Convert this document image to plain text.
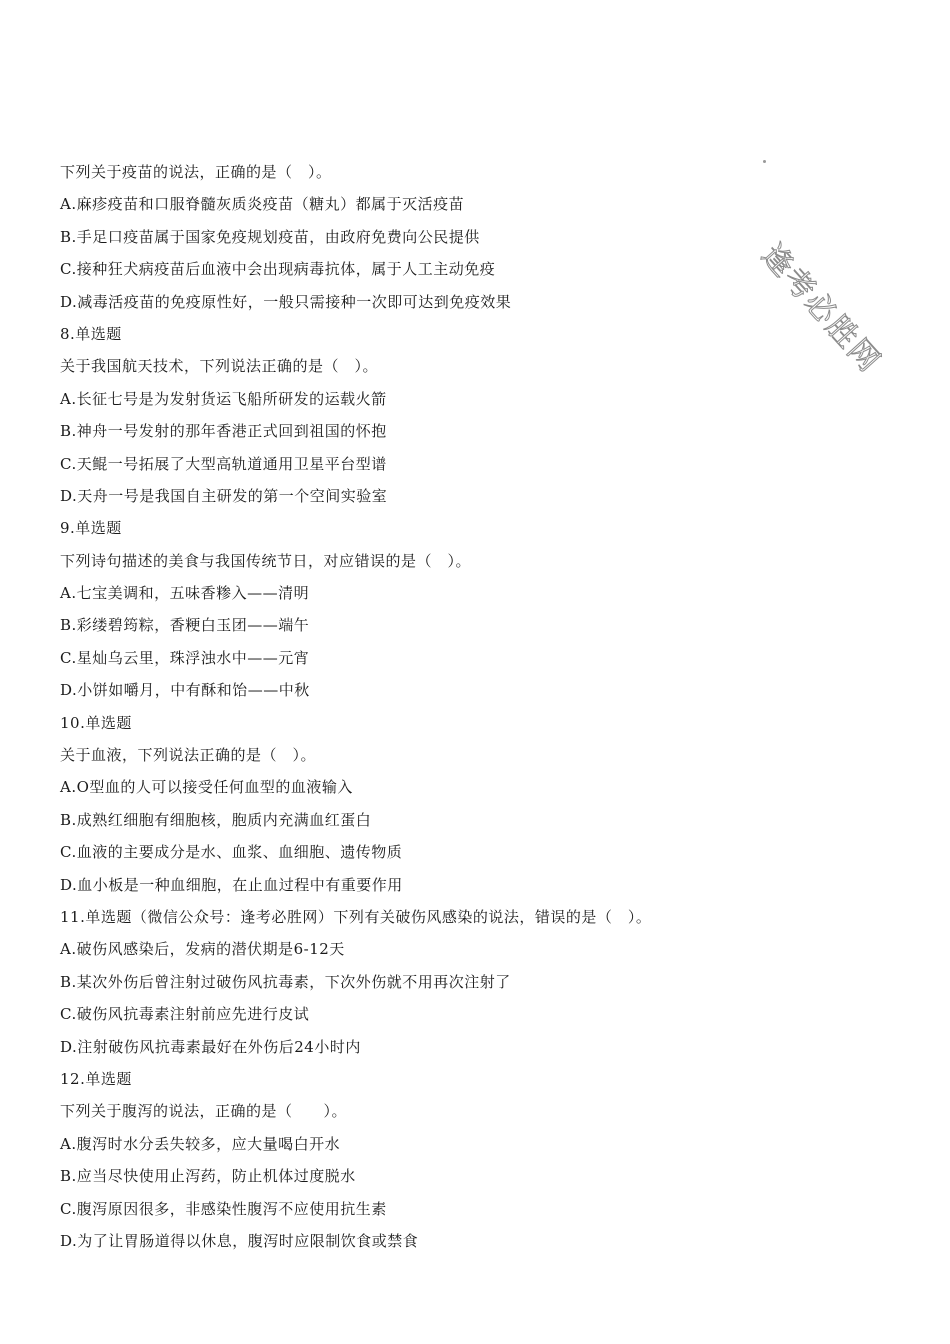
逢考必胜网
下列关于疫苗的说法，正确的是（　）。
A.麻疹疫苗和口服脊髓灰质炎疫苗（糖丸）都属于灭活疫苗
B.手足口疫苗属于国家免疫规划疫苗，由政府免费向公民提供
C.接种狂犬病疫苗后血液中会出现病毒抗体，属于人工主动免疫
D.减毒活疫苗的免疫原性好，一般只需接种一次即可达到免疫效果
8.单选题
关于我国航天技术，下列说法正确的是（　）。
A.长征七号是为发射货运飞船所研发的运载火箭
B.神舟一号发射的那年香港正式回到祖国的怀抱
C.天鲲一号拓展了大型高轨道通用卫星平台型谱
D.天舟一号是我国自主研发的第一个空间实验室
9.单选题
下列诗句描述的美食与我国传统节日，对应错误的是（　）。
A.七宝美调和，五味香糁入——清明
B.彩缕碧筠粽，香粳白玉团——端午
C.星灿乌云里，珠浮浊水中——元宵
D.小饼如嚼月，中有酥和饴——中秋
10.单选题
关于血液，下列说法正确的是（　）。
A.O型血的人可以接受任何血型的血液输入
B.成熟红细胞有细胞核，胞质内充满血红蛋白
C.血液的主要成分是水、血浆、血细胞、遗传物质
D.血小板是一种血细胞，在止血过程中有重要作用
11.单选题（微信公众号：逢考必胜网）下列有关破伤风感染的说法，错误的是（　）。
A.破伤风感染后，发病的潜伏期是6-12天
B.某次外伤后曾注射过破伤风抗毒素，下次外伤就不用再次注射了
C.破伤风抗毒素注射前应先进行皮试
D.注射破伤风抗毒素最好在外伤后24小时内
12.单选题
下列关于腹泻的说法，正确的是（　　）。
A.腹泻时水分丢失较多，应大量喝白开水
B.应当尽快使用止泻药，防止机体过度脱水
C.腹泻原因很多，非感染性腹泻不应使用抗生素
D.为了让胃肠道得以休息，腹泻时应限制饮食或禁食
